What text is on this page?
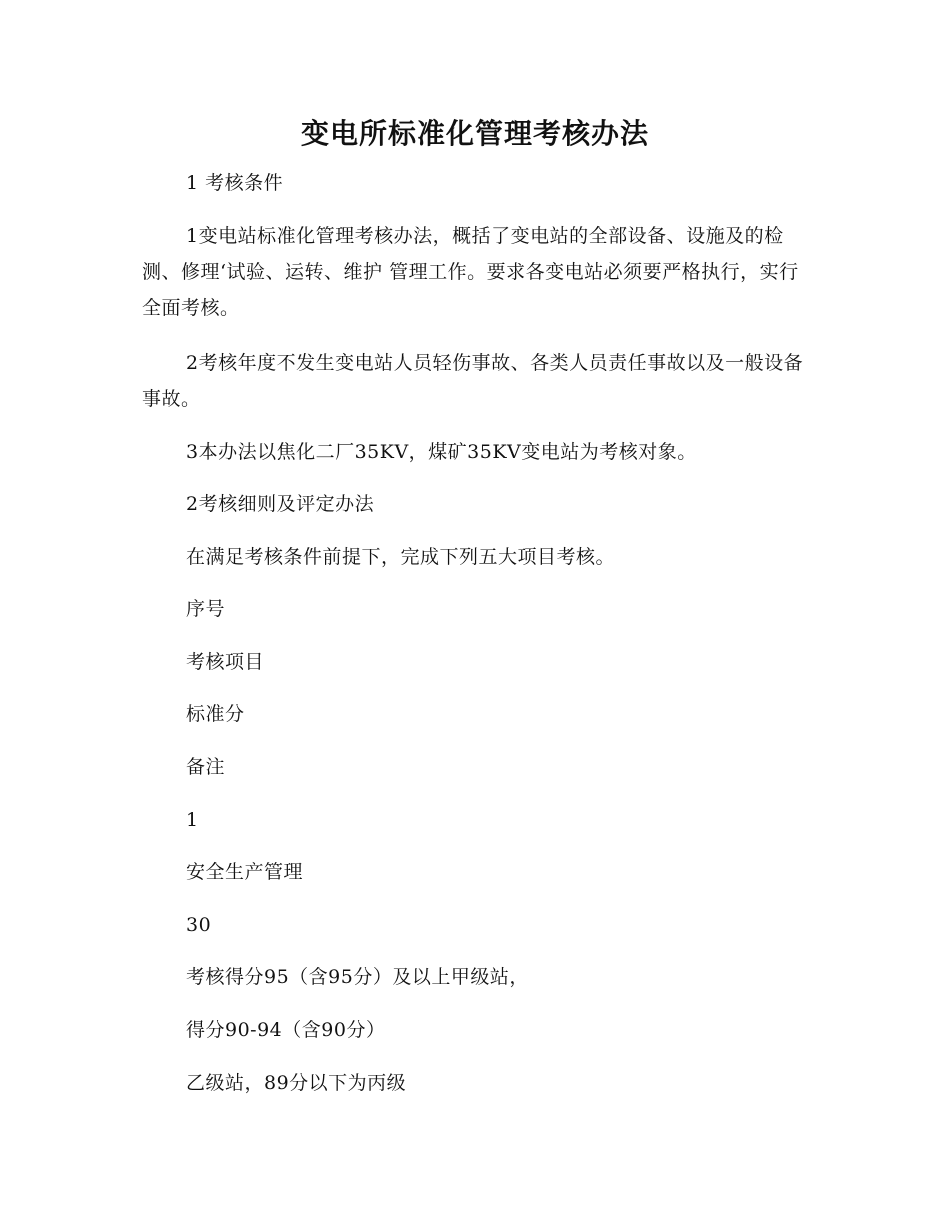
变电所标准化管理考核办法

1 考核条件

1变电站标准化管理考核办法，概括了变电站的全部设备、设施及的检测、修理‘试验、运转、维护 管理工作。要求各变电站必须要严格执行，实行全面考核。

2考核年度不发生变电站人员轻伤事故、各类人员责任事故以及一般设备事故。

3本办法以焦化二厂35KV，煤矿35KV变电站为考核对象。

2考核细则及评定办法

在满足考核条件前提下，完成下列五大项目考核。

序号

考核项目

标准分

备注

1

安全生产管理

30

考核得分95（含95分）及以上甲级站，

得分90-94（含90分）

乙级站，89分以下为丙级
